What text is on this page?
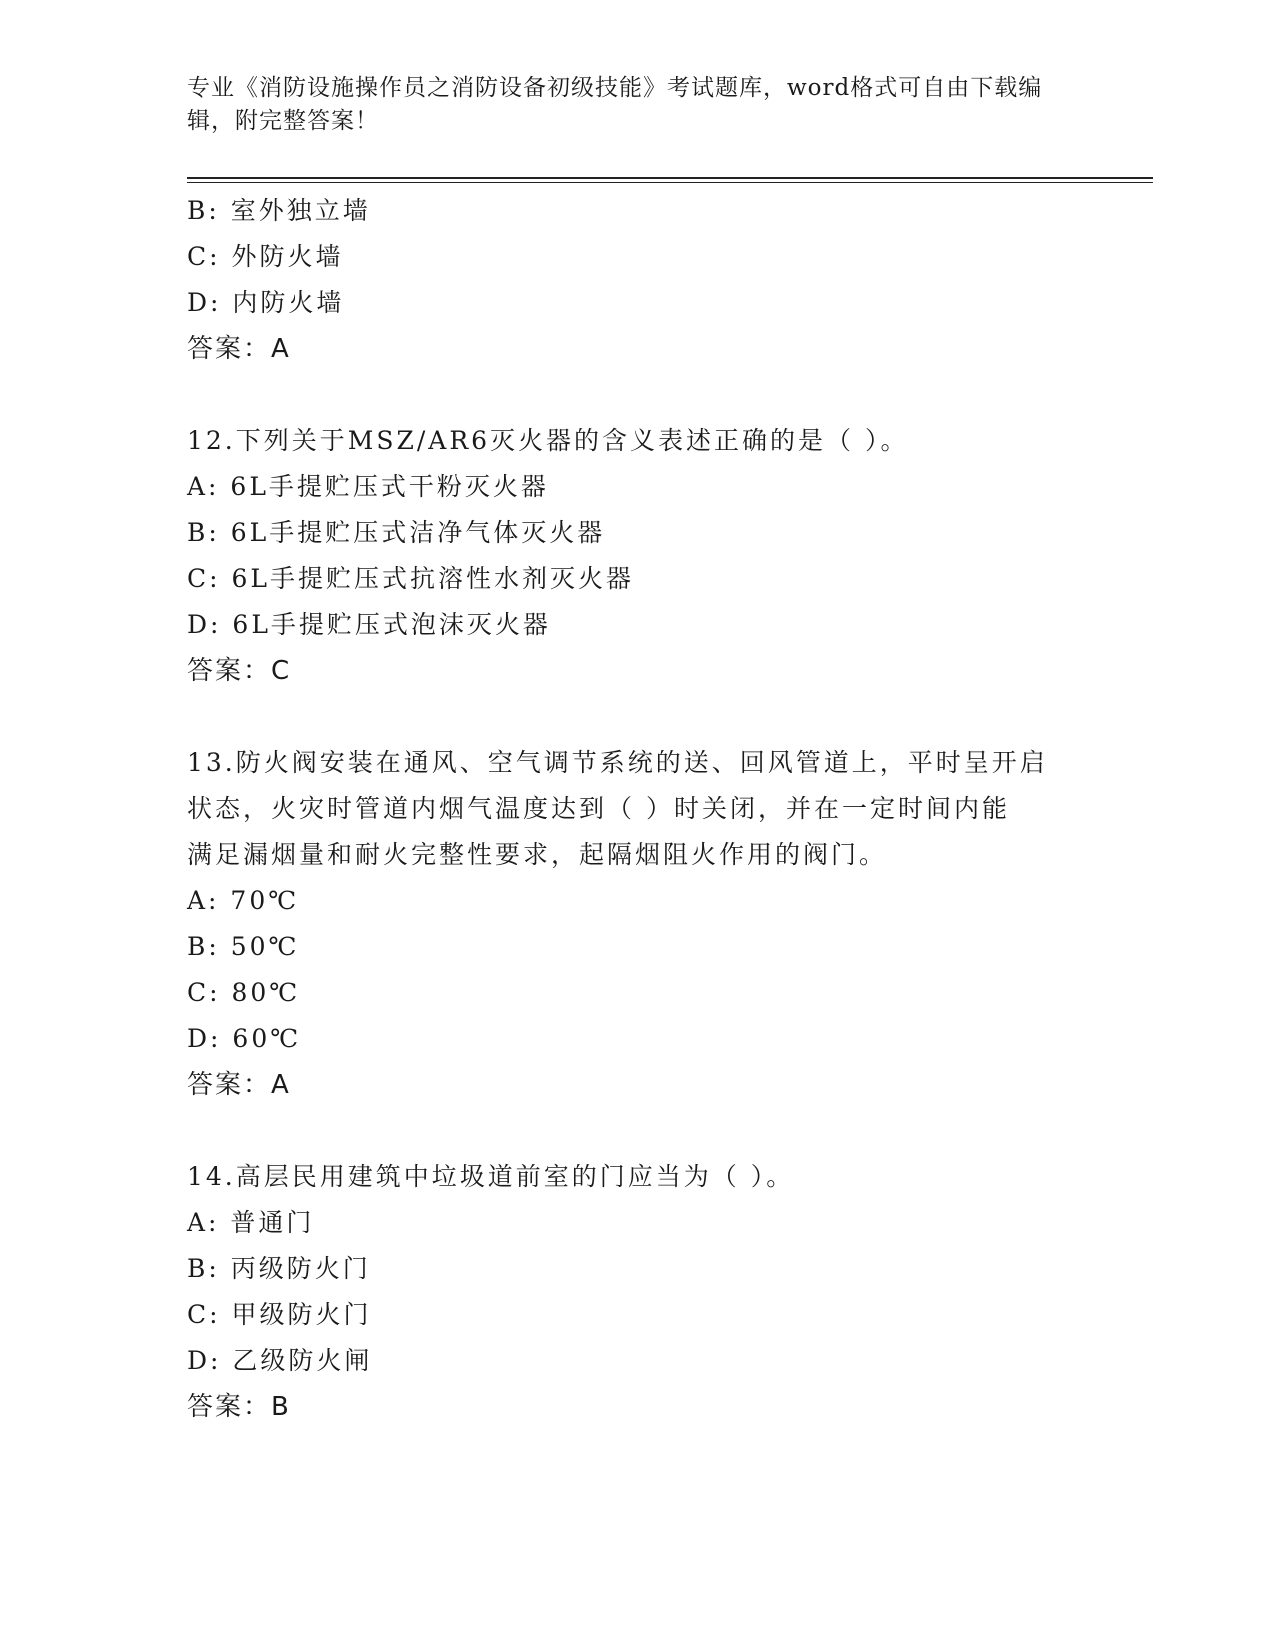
专业《消防设施操作员之消防设备初级技能》考试题库，word格式可自由下载编辑，附完整答案！
B: 室外独立墙
C: 外防火墙
D: 内防火墙
答案：A
12.下列关于MSZ/AR6灭火器的含义表述正确的是（ ）。
A: 6L手提贮压式干粉灭火器
B: 6L手提贮压式洁净气体灭火器
C: 6L手提贮压式抗溶性水剂灭火器
D: 6L手提贮压式泡沫灭火器
答案：C
13.防火阀安装在通风、空气调节系统的送、回风管道上，平时呈开启
状态，火灾时管道内烟气温度达到（ ）时关闭，并在一定时间内能
满足漏烟量和耐火完整性要求，起隔烟阻火作用的阀门。
A: 70℃
B: 50℃
C: 80℃
D: 60℃
答案：A
14.高层民用建筑中垃圾道前室的门应当为（ ）。
A: 普通门
B: 丙级防火门
C: 甲级防火门
D: 乙级防火闸
答案：B
